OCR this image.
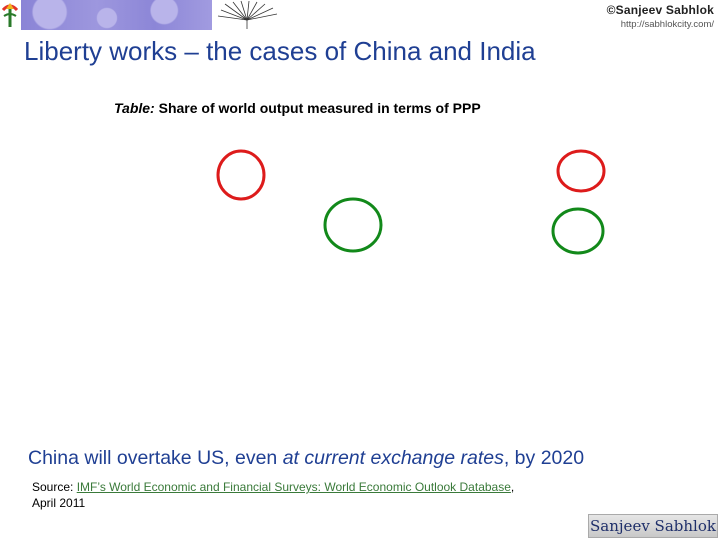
©Sanjeev Sabhlok
http://sabhlokcity.com/
Liberty works – the cases of China and India
Table: Share of world output measured in terms of PPP

China will overtake US, even at current exchange rates, by 2020

Source: IMF’s World Economic and Financial Surveys: World Economic Outlook Database,
April 2011
Sanjeev Sabhlok
